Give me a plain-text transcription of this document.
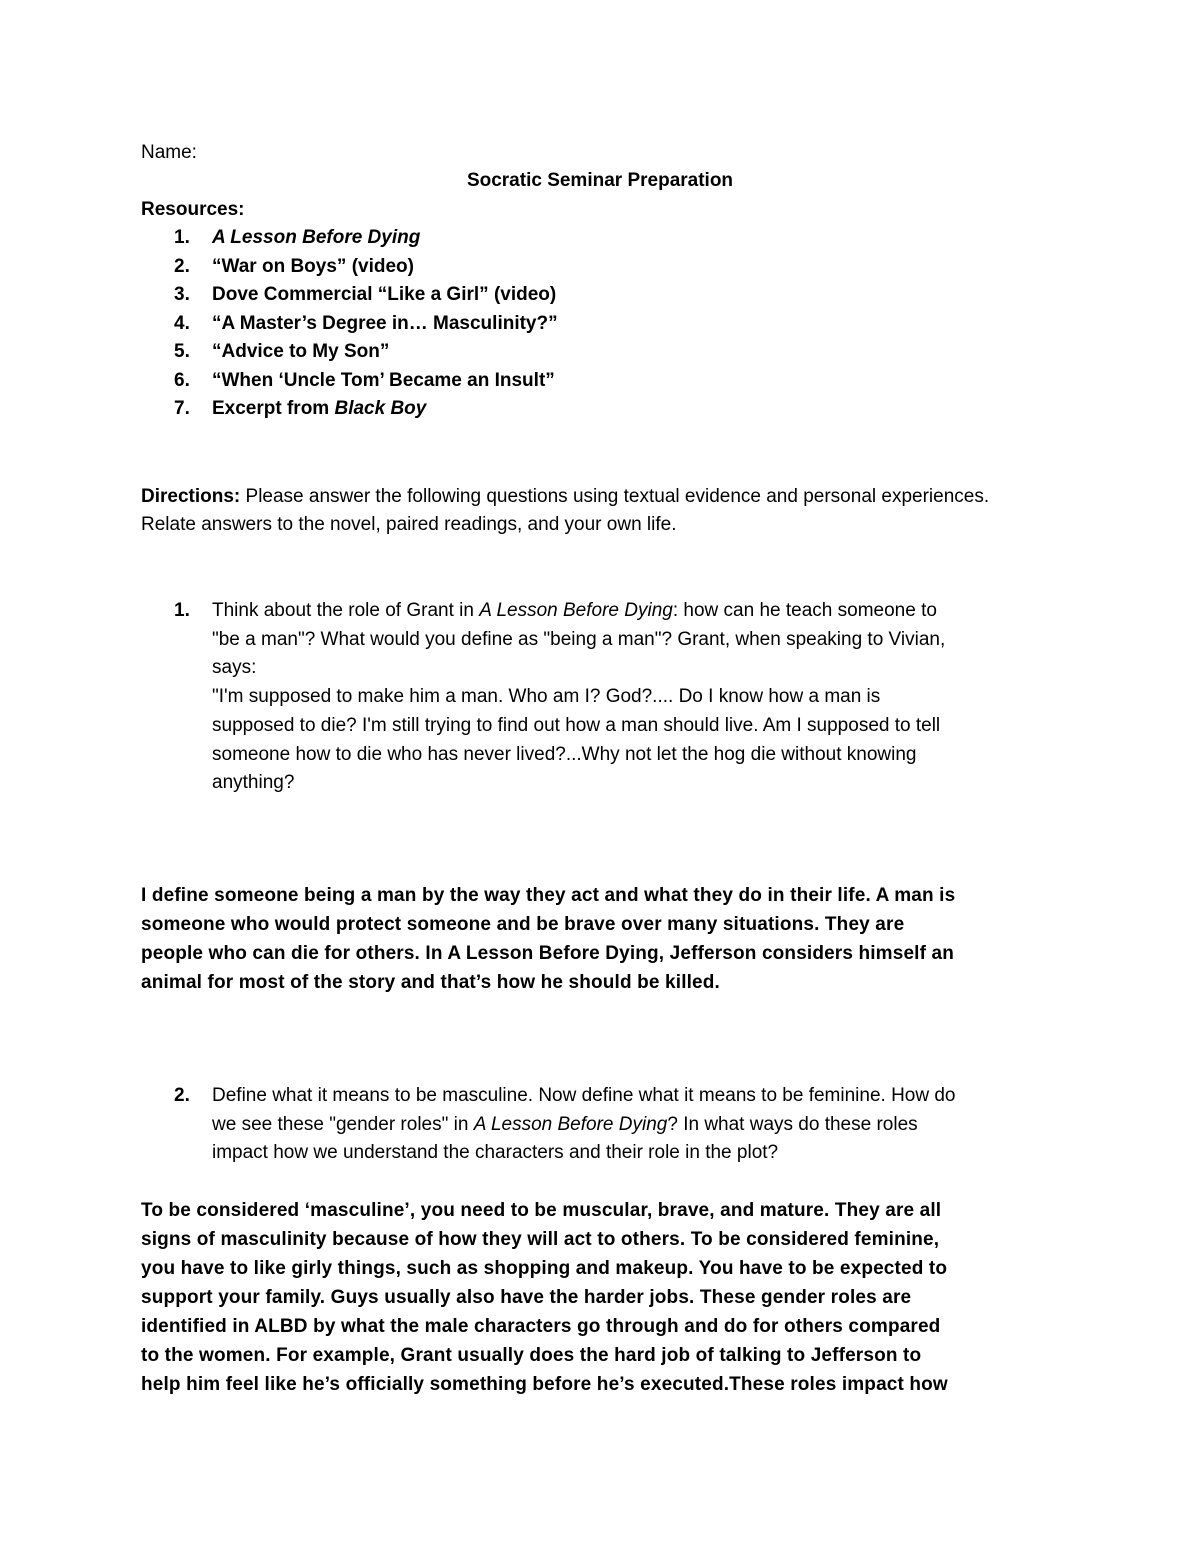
Name:
Socratic Seminar Preparation
Resources:
1. A Lesson Before Dying
2. “War on Boys” (video)
3. Dove Commercial “Like a Girl” (video)
4. “A Master’s Degree in… Masculinity?”
5. “Advice to My Son”
6. “When ‘Uncle Tom’ Became an Insult”
7. Excerpt from Black Boy
Directions: Please answer the following questions using textual evidence and personal experiences. Relate answers to the novel, paired readings, and your own life.
1. Think about the role of Grant in A Lesson Before Dying: how can he teach someone to
"be a man"? What would you define as "being a man"? Grant, when speaking to Vivian,
says:
"I'm supposed to make him a man. Who am I? God?.... Do I know how a man is
supposed to die? I'm still trying to find out how a man should live. Am I supposed to tell
someone how to die who has never lived?...Why not let the hog die without knowing
anything?
I define someone being a man by the way they act and what they do in their life. A man is
someone who would protect someone and be brave over many situations. They are
people who can die for others. In A Lesson Before Dying, Jefferson considers himself an
animal for most of the story and that’s how he should be killed.
2. Define what it means to be masculine. Now define what it means to be feminine. How do
we see these "gender roles" in A Lesson Before Dying? In what ways do these roles
impact how we understand the characters and their role in the plot?
To be considered ‘masculine’, you need to be muscular, brave, and mature. They are all
signs of masculinity because of how they will act to others. To be considered feminine,
you have to like girly things, such as shopping and makeup. You have to be expected to
support your family. Guys usually also have the harder jobs. These gender roles are
identified in ALBD by what the male characters go through and do for others compared
to the women. For example, Grant usually does the hard job of talking to Jefferson to
help him feel like he’s officially something before he’s executed.These roles impact how
